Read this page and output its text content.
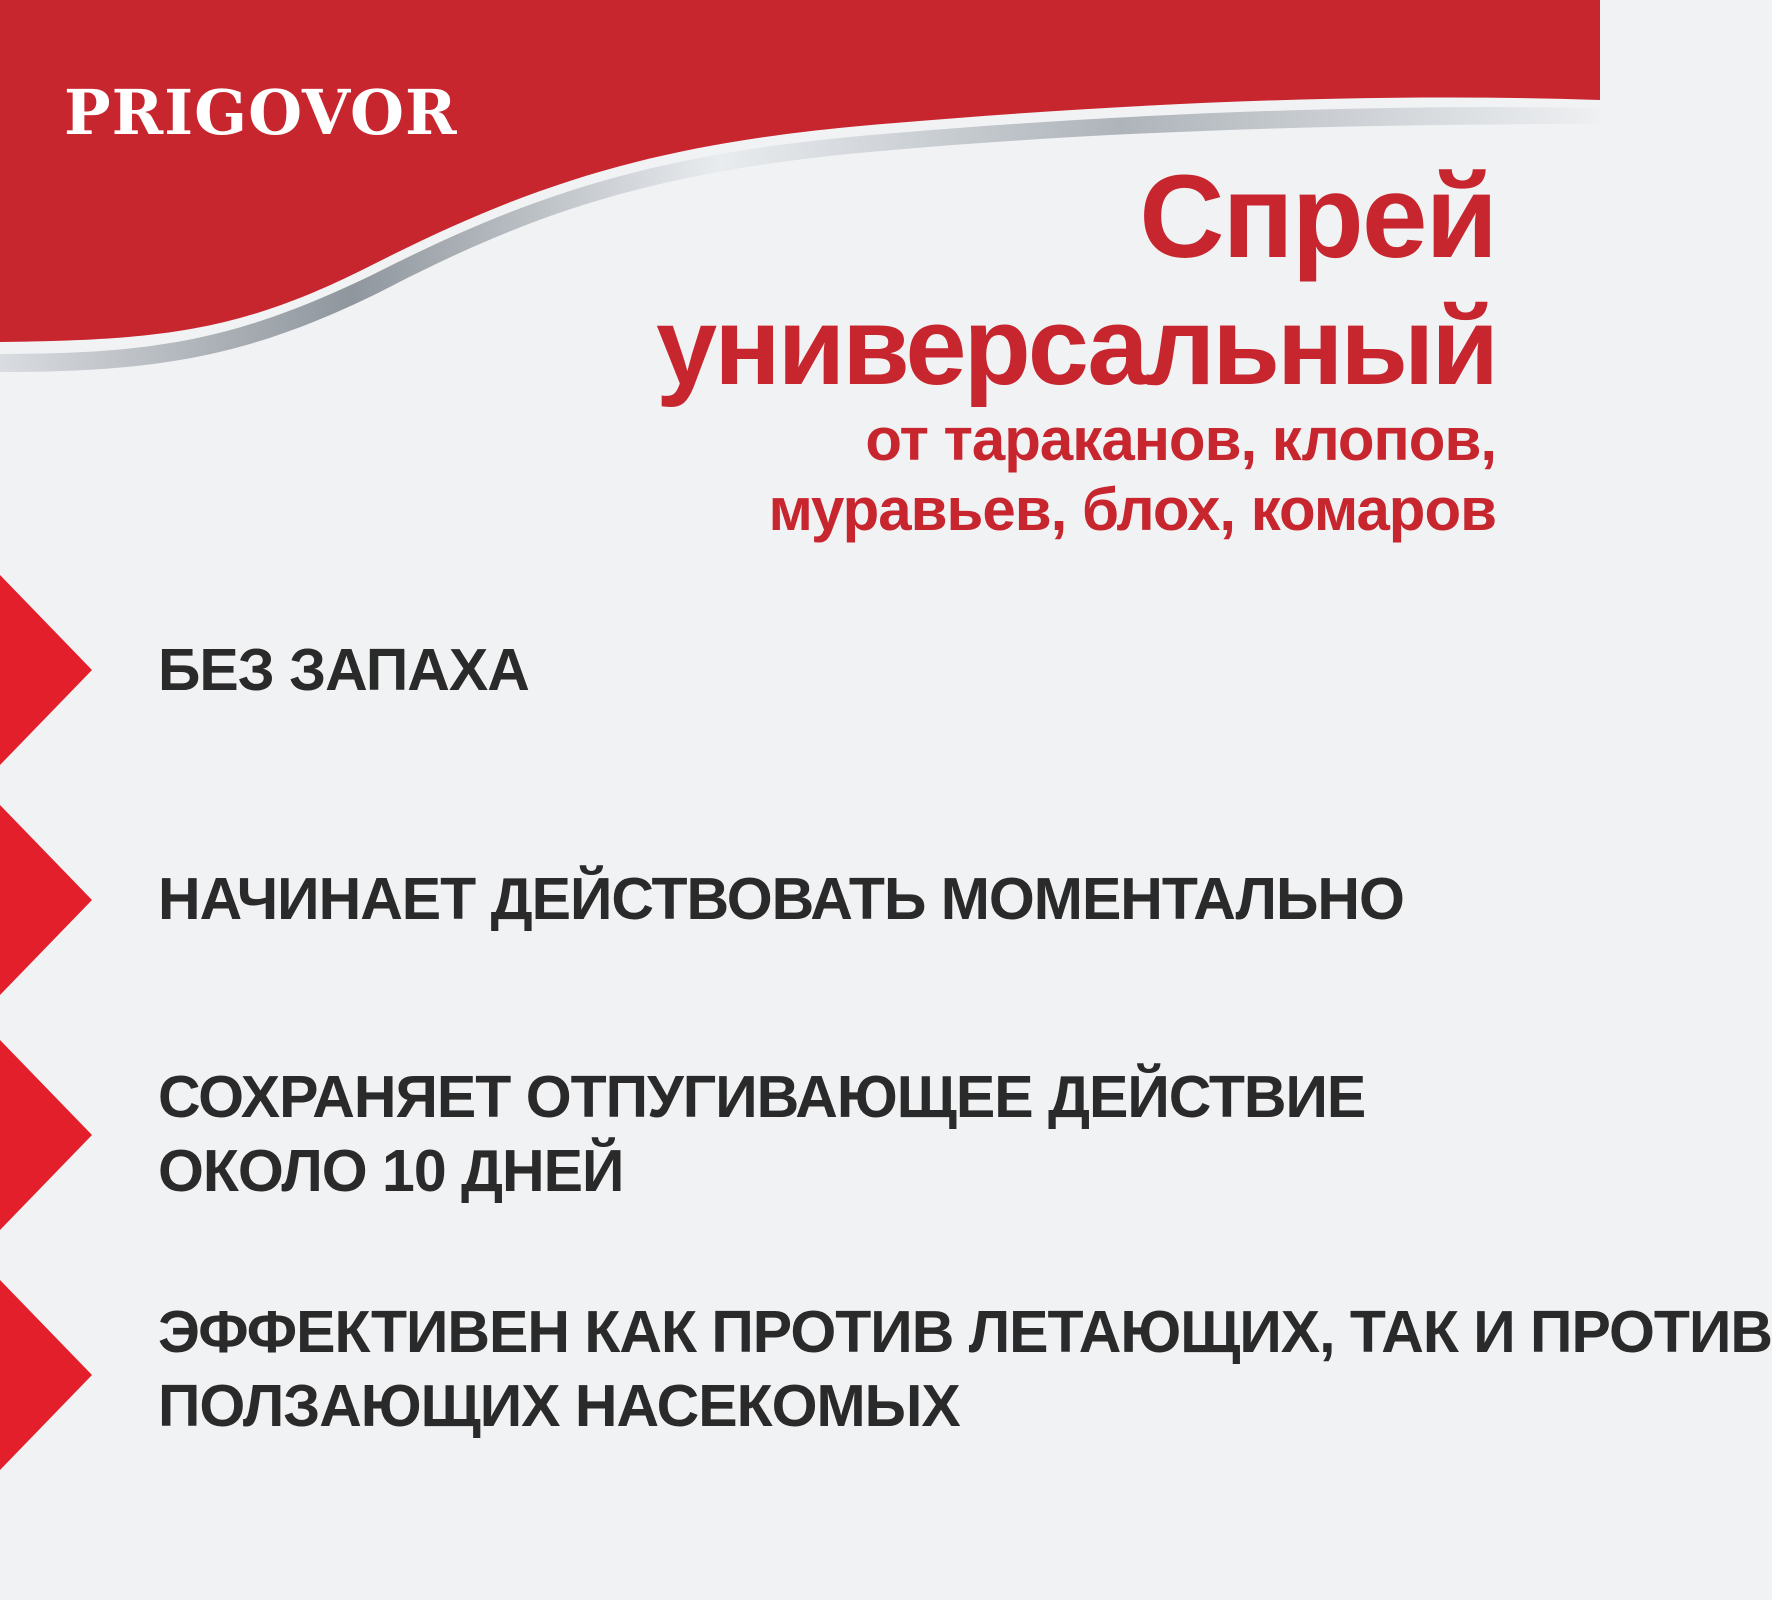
PRIGOVOR
Спрей
универсальный
от тараканов, клопов,
муравьев, блох, комаров
БЕЗ ЗАПАХА
НАЧИНАЕТ ДЕЙСТВОВАТЬ МОМЕНТАЛЬНО
СОХРАНЯЕТ ОТПУГИВАЮЩЕЕ ДЕЙСТВИЕ
ОКОЛО 10 ДНЕЙ
ЭФФЕКТИВЕН КАК ПРОТИВ ЛЕТАЮЩИХ, ТАК И ПРОТИВ
ПОЛЗАЮЩИХ НАСЕКОМЫХ
